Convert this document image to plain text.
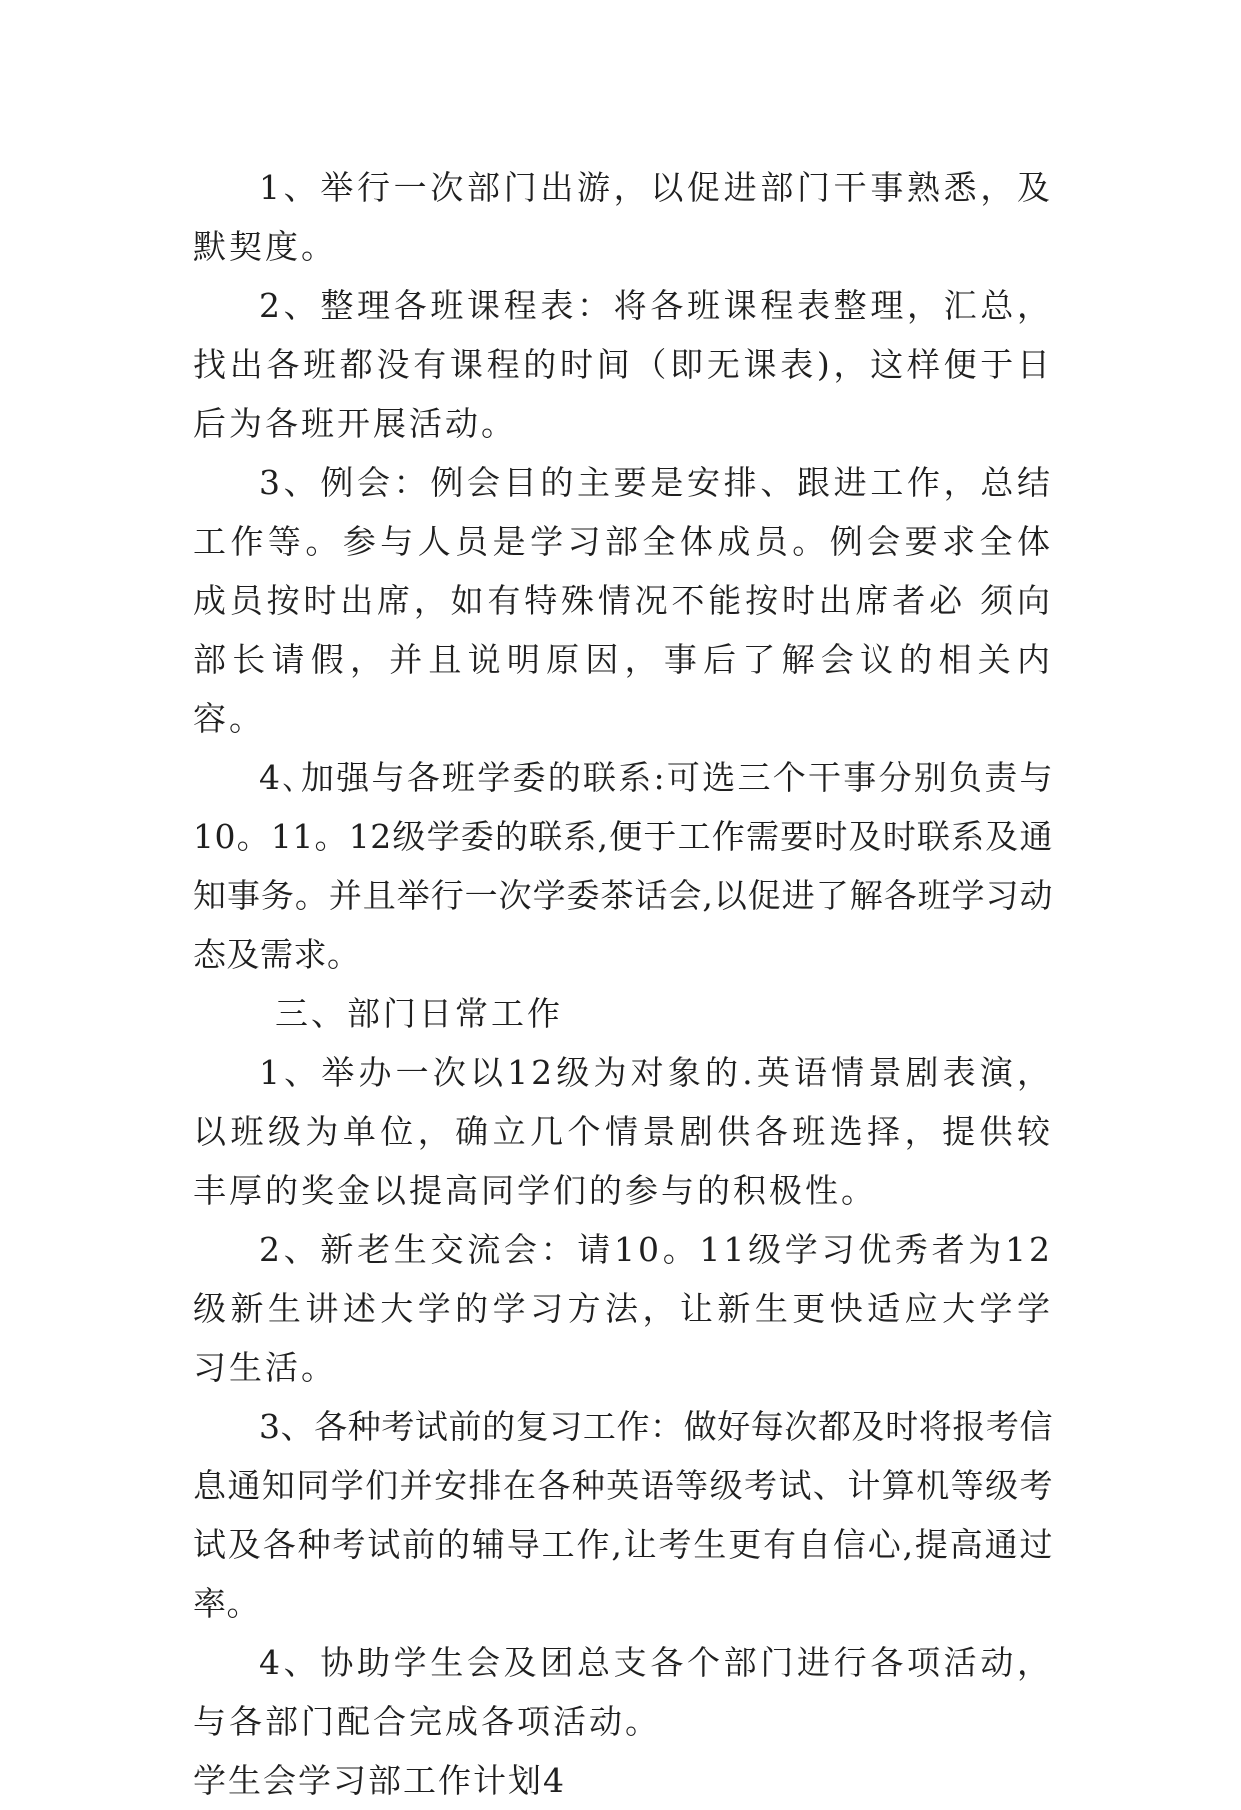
1、举行一次部门出游，以促进部门干事熟悉，及默契度。

2、整理各班课程表：将各班课程表整理，汇总，找出各班都没有课程的时间（即无课表)，这样便于日后为各班开展活动。

3、例会：例会目的主要是安排、跟进工作，总结工作等。参与人员是学习部全体成员。例会要求全体成员按时出席，如有特殊情况不能按时出席者必 须向部长请假，并且说明原因，事后了解会议的相关内容。

4､加强与各班学委的联系:可选三个干事分别负责与10。11。12级学委的联系,便于工作需要时及时联系及通知事务。并且举行一次学委茶话会,以促进了解各班学习动态及需求。

三、部门日常工作

1、举办一次以12级为对象的.英语情景剧表演，以班级为单位，确立几个情景剧供各班选择，提供较丰厚的奖金以提高同学们的参与的积极性。

2、新老生交流会：请10。11级学习优秀者为12级新生讲述大学的学习方法，让新生更快适应大学学习生活。

3、各种考试前的复习工作：做好每次都及时将报考信息通知同学们并安排在各种英语等级考试、计算机等级考试及各种考试前的辅导工作,让考生更有自信心,提高通过率。

4、协助学生会及团总支各个部门进行各项活动，与各部门配合完成各项活动。

学生会学习部工作计划4
